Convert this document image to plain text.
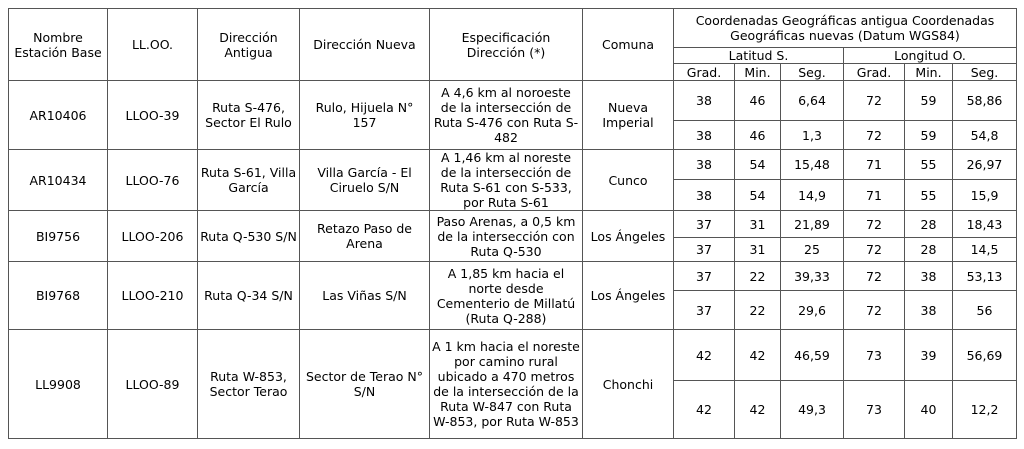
Nombre Estación Base	LL.OO.	Dirección Antigua	Dirección Nueva	Especificación Dirección (*)	Comuna	Coordenadas Geográficas antigua Coordenadas Geográficas nuevas (Datum WGS84)					
						Latitud S.			Longitud O.		
						Grad.	Min.	Seg.	Grad.	Min.	Seg.
AR10406	LLOO-39	Ruta S-476, Sector El Rulo	Rulo, Hijuela N° 157	A 4,6 km al noroeste de la intersección de Ruta S-476 con Ruta S-482	Nueva Imperial	38	46	6,64	72	59	58,86
						38	46	1,3	72	59	54,8
AR10434	LLOO-76	Ruta S-61, Villa García	Villa García - El Ciruelo S/N	A 1,46 km al noreste de la intersección de Ruta S-61 con S-533, por Ruta S-61	Cunco	38	54	15,48	71	55	26,97
						38	54	14,9	71	55	15,9
BI9756	LLOO-206	Ruta Q-530 S/N	Retazo Paso de Arena	Paso Arenas, a 0,5 km de la intersección con Ruta Q-530	Los Ángeles	37	31	21,89	72	28	18,43
						37	31	25	72	28	14,5
BI9768	LLOO-210	Ruta Q-34 S/N	Las Viñas S/N	A 1,85 km hacia el norte desde Cementerio de Millatú (Ruta Q-288)	Los Ángeles	37	22	39,33	72	38	53,13
						37	22	29,6	72	38	56
LL9908	LLOO-89	Ruta W-853, Sector Terao	Sector de Terao N° S/N	A 1 km hacia el noreste por camino rural ubicado a 470 metros de la intersección de la Ruta W-847 con Ruta W-853, por Ruta W-853	Chonchi	42	42	46,59	73	39	56,69
						42	42	49,3	73	40	12,2
